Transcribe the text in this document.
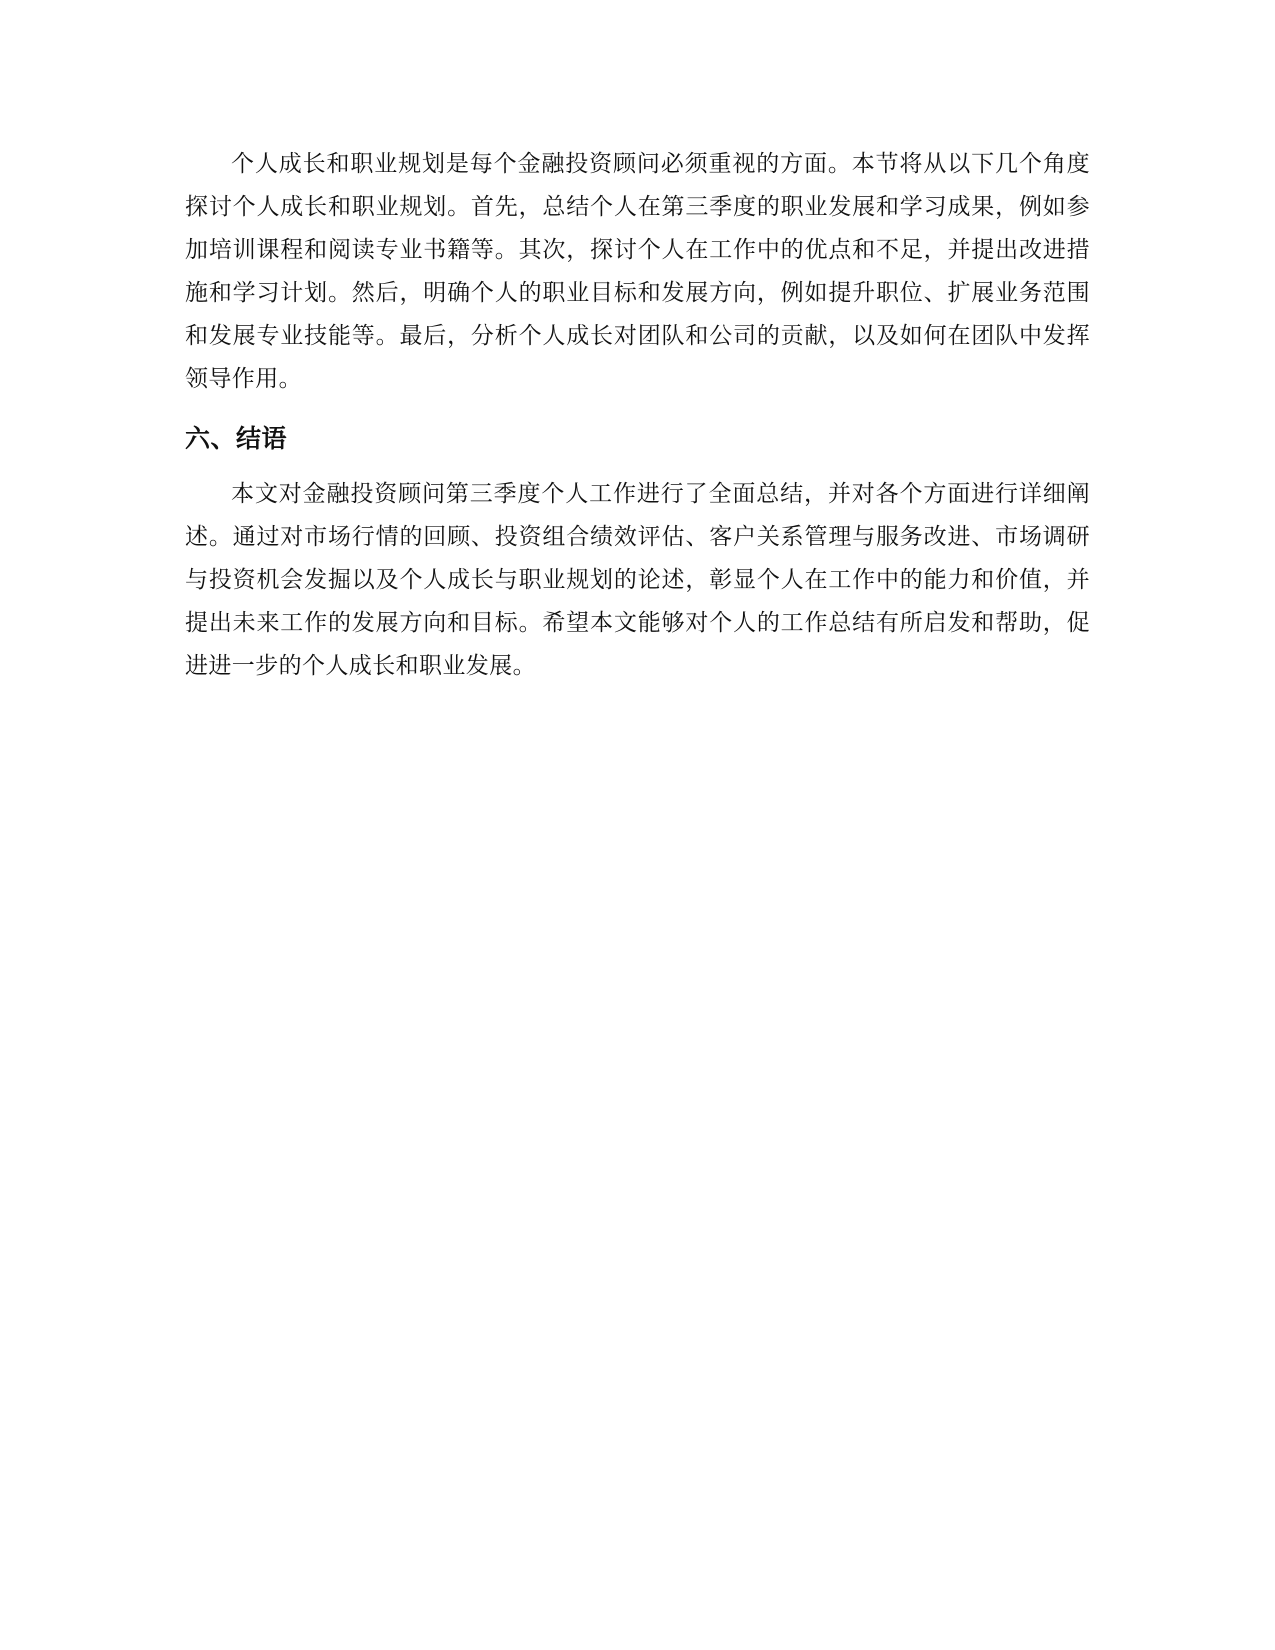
个人成长和职业规划是每个金融投资顾问必须重视的方面。本节将从以下几个角度探讨个人成长和职业规划。首先，总结个人在第三季度的职业发展和学习成果，例如参加培训课程和阅读专业书籍等。其次，探讨个人在工作中的优点和不足，并提出改进措施和学习计划。然后，明确个人的职业目标和发展方向，例如提升职位、扩展业务范围和发展专业技能等。最后，分析个人成长对团队和公司的贡献，以及如何在团队中发挥领导作用。

六、结语

本文对金融投资顾问第三季度个人工作进行了全面总结，并对各个方面进行详细阐述。通过对市场行情的回顾、投资组合绩效评估、客户关系管理与服务改进、市场调研与投资机会发掘以及个人成长与职业规划的论述，彰显个人在工作中的能力和价值，并提出未来工作的发展方向和目标。希望本文能够对个人的工作总结有所启发和帮助，促进进一步的个人成长和职业发展。
